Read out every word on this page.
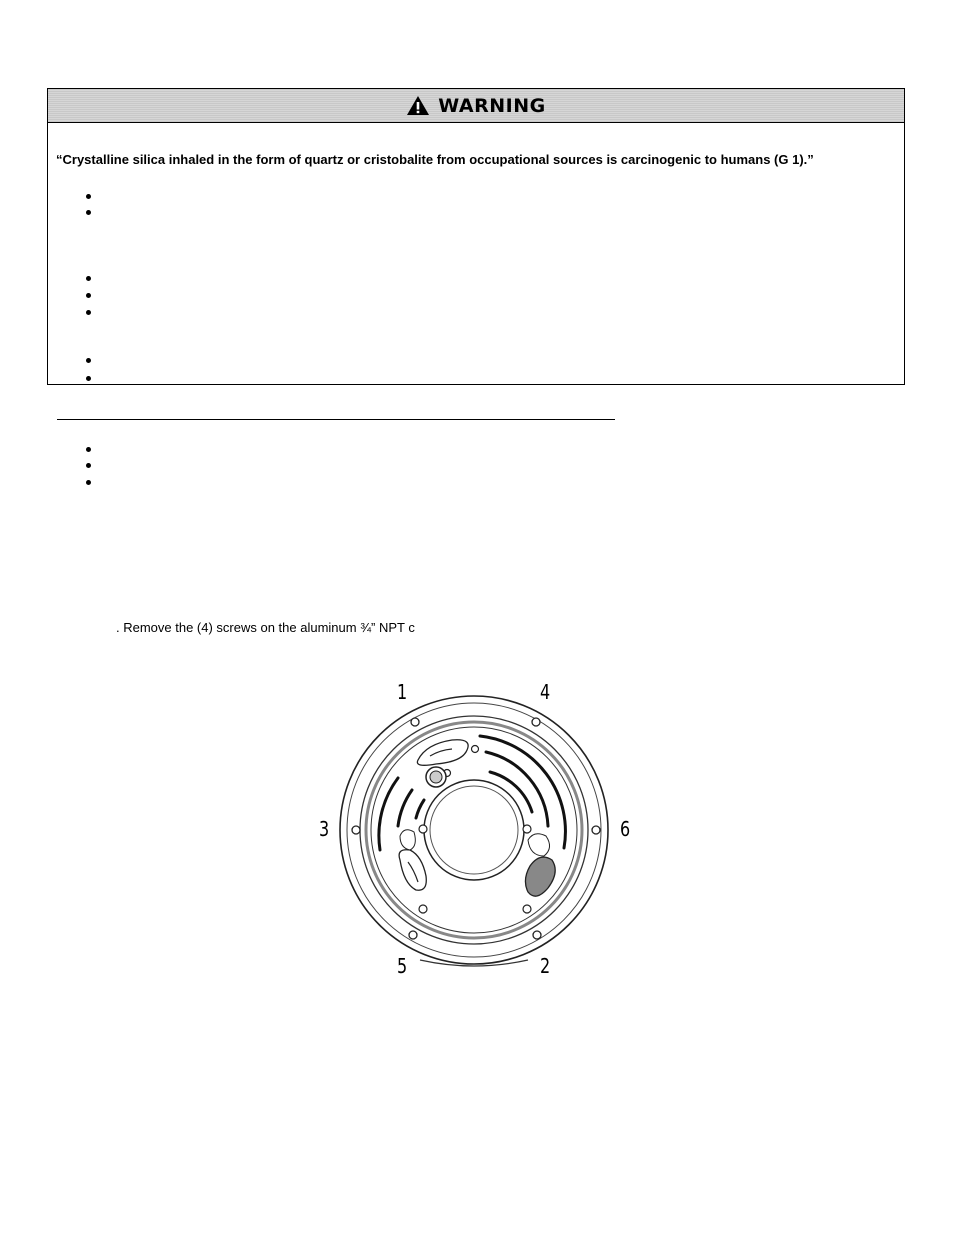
WARNING
“Crystalline silica inhaled in the form of quartz or cristobalite from occupational sources is carcinogenic to humans (G 1).”
. Remove the (4) screws on the aluminum ¾” NPT c
1	4
3	6
5	2
